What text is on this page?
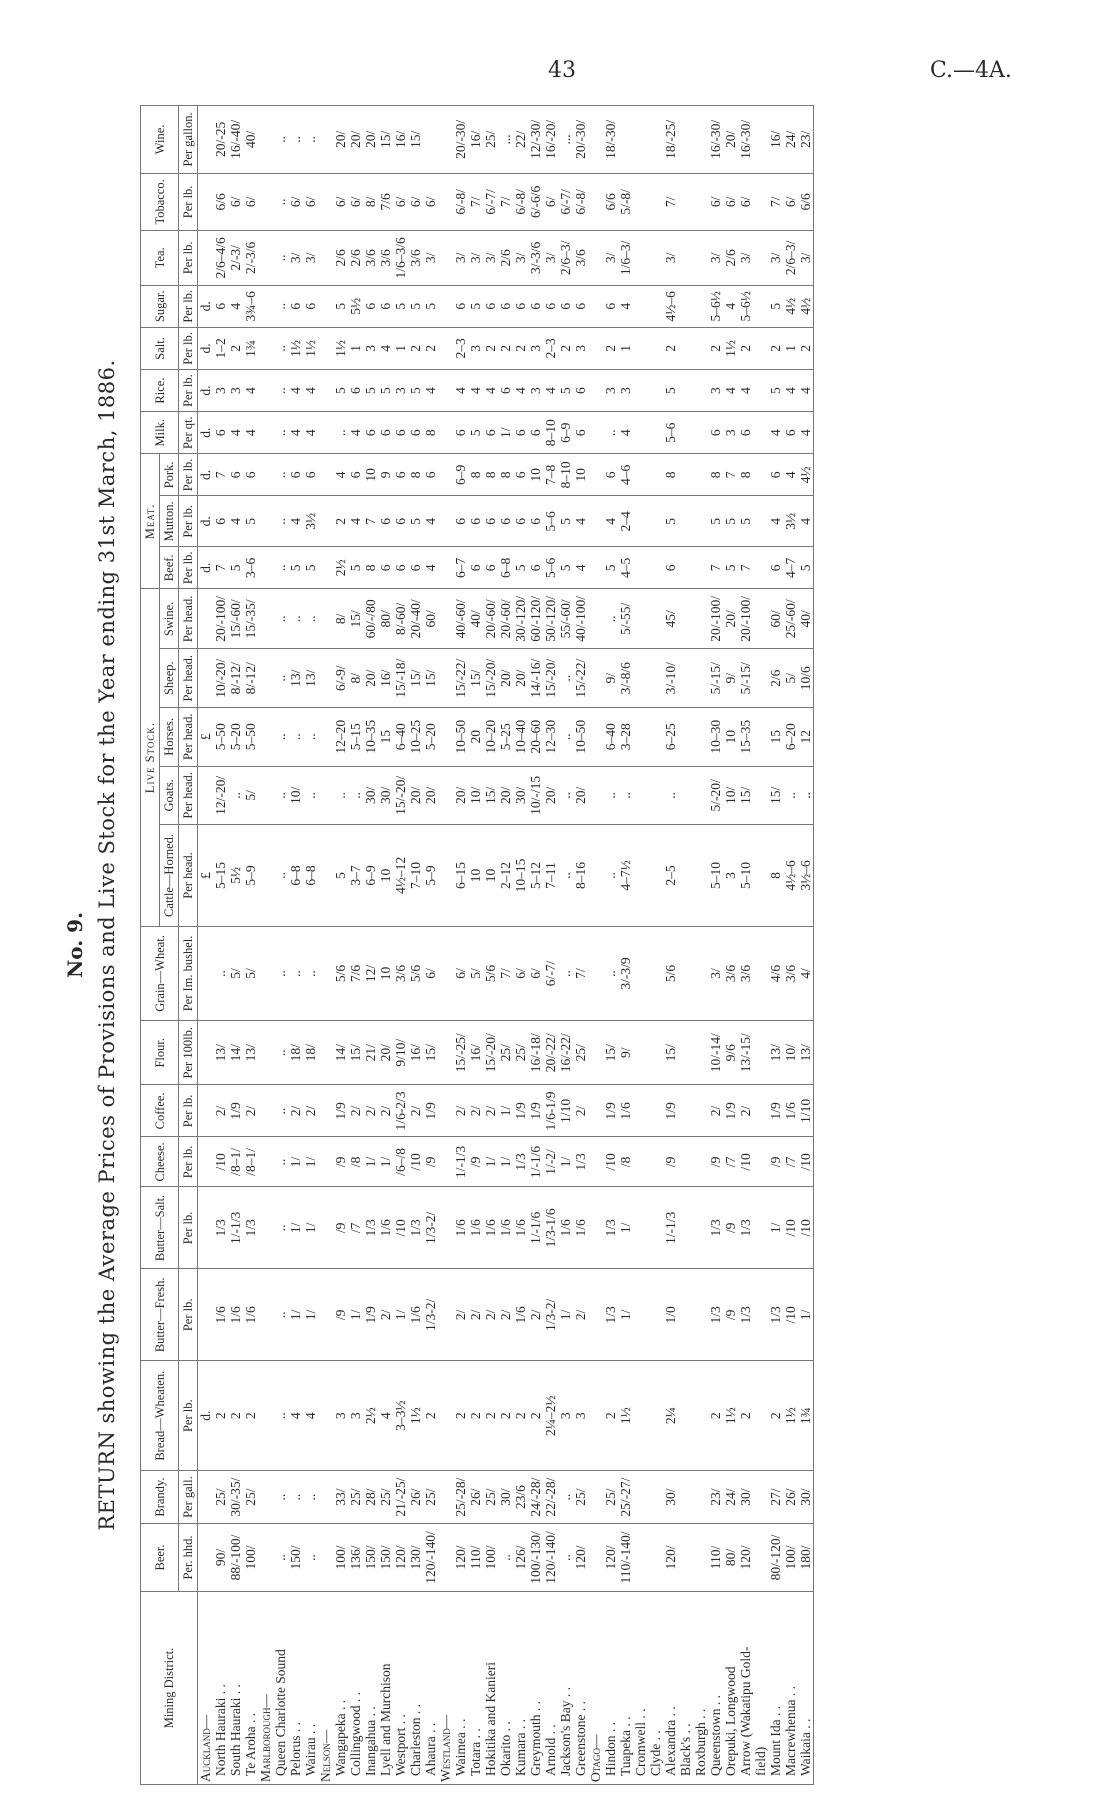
43	C.—4A.
No. 9. RETURN showing the Average Prices of Provisions and Live Stock for the Year ending 31st March, 1886.
Mining District.	Beer.	Brandy.	Bread—Wheaten.	Butter—Fresh.	Butter—Salt.	Cheese.	Coffee.	Flour.	Grain—Wheat.	Live Stock.					Meat.			Milk.	Rice.	Salt.	Sugar.	Tea.	Tobacco.	Wine.
										Cattle—Horned.	Goats.	Horses.	Sheep.	Swine.	Beef.	Mutton.	Pork.							
	Per. hhd.	Per gall.	Per lb.	Per lb.	Per lb.	Per lb.	Per lb.	Per 100lb.	Per Im. bushel.	Per head.	Per head.	Per head.	Per head.	Per head.	Per lb.	Per lb.	Per lb.	Per qt.	Per lb.	Per lb.	Per lb.	Per lb.	Per lb.	Per gallon.
Auckland—			d.							£		£			d.	d.	d.	d.	d.	d.	d.			
North Hauraki . .	90/	25/	2	1/6	1/3	/10	2/	13/	..	5–15	12/-20/	5–50	10/-20/	20/-100/	7	6	7	6	3	1–2	6	2/6–4/6	6/6	20/-25
South Hauraki . .	88/-100/	30/-35/	2	1/6	1/-1/3	/8–1/	1/9	14/	5/	5½	..	5–20	8/-12/	15/-60/	5	4	6	4	3	2	4	2/-3/	6/	16/-40/
Te Aroha . .	100/	25/	2	1/6	1/3	/8–1/	2/	13/	5/	5–9	5/	5–50	8/-12/	15/-35/	3–6	5	6	4	4	1¾	3¾–6	2/-3/6	6/	40/
Marlborough—																								
Queen Charlotte Sound	..	..	..	..	..	..	..	..	..	..	..	..	..	..	..	..	..	..	..	..	..	..	..	..
Pelorus . .	150/	..	4	1/	1/	1/	2/	18/	..	6–8	10/	..	13/	..	5	4	6	4	4	1½	6	3/	6/	..
Wairau . .	..	..	4	1/	1/	1/	2/	18/	..	6–8	..	..	13/	..	5	3½	6	4	4	1½	6	3/	6/	..
Nelson—																								
Wangapeka . .	100/	33/	3	/9	/9	/9	1/9	14/	5/6	5	..	12–20	6/-9/	8/	2½	2	4	..	5	1½	5	2/6	6/	20/
Collingwood . .	136/	25/	3	1/	/7	/8	2/	15/	7/6	3–7	..	5–15	8/	15/	5	4	6	4	6	1	5½	2/6	6/	20/
Inangahua . .	150/	28/	2½	1/9	1/3	1/	2/	21/	12/	6–9	30/	10–35	20/	60/-/80	8	7	10	6	5	3	6	3/6	8/	20/
Lyell and Murchison	150/	25/	4	2/	1/6	1/	2/	20/	10	10	30/	15	16/	80/	6	6	9	6	5	4	6	3/6	7/6	15/
Westport . .	120/	21/-25/	3–3½	1/	/10	/6–/8	1/6-2/3	9/10/	3/6	4½–12	15/-20/	6–40	15/-18/	8/-60/	6	6	6	6	3	1	5	1/6–3/6	6/	16/
Charleston . .	130/	26/	1½	1/6	1/3	/10	2/	16/	5/6	7–10	20/	10–25	15/	20/-40/	6	5	8	6	5	2	5	3/6	6/	15/
Ahaura . .	120/-140/	25/	2	1/3-2/	1/3-2/	/9	1/9	15/	6/	5–9	20/	5–20	15/	60/	4	4	6	8	4	2	5	3/	6/	
Westland—																								
Waimea . .	120/	25/-28/	2	2/	1/6	1/-1/3	2/	15/-25/	6/	6–15	20/	10–50	15/-22/	40/-60/	6–7	6	6–9	6	4	2–3	6	3/	6/-8/	20/-30/
Totara . .	110/	26/	2	2/	1/6	/9	2/	16/	5/	10	10/	20	15/	40/	6	6	8	5	4	3	5	3/	7/	16/
Hokitika and Kanieri	100/	25/	2	2/	1/6	1/	2/	15/-20/	5/6	10	15/	10–20	15/-20/	20/-60/	6	6	8	6	4	2	6	3/	6/-7/	25/
Okarito . .	..	30/	2	2/	1/6	1/	1/	25/	7/	2–12	20/	5–25	20/	20/-60/	6–8	6	8	1/	6	2	6	2/6	7/	...
Kumara . .	126/	23/6	2	1/6	1/6	1/3	1/9	25/	6/	10–15	30/	10–40	20/	30/-120/	5	6	6	6	4	2	6	3/	6/-8/	22/
Greymouth . .	100/-130/	24/-28/	2	2/	1/-1/6	1/-1/6	1/9	16/-18/	6/	5–12	10/-/15	20–60	14/-16/	60/-120/	6	6	10	6	3	3	6	3/-3/6	6/-6/6	12/-30/
Arnold . .	120/-140/	22/-28/	2¼–2½	1/3-2/	1/3-1/6	1/-2/	1/6-1/9	20/-22/	6/-7/	7–11	20/	12–30	15/-20/	50/-120/	5–6	5–6	7–8	8–10	4	2–3	6	3/	6/	16/-20/
Jackson's Bay . .	..	..	3	1/	1/6	1/	1/10	16/-22/	..	..	..	..	..	55/-60/	5	5	8–10	6–9	5	2	6	2/6–3/	6/-7/	...
Greenstone . .	120/	25/	3	2/	1/6	1/3	2/	25/	7/	8–16	20/	10–50	15/-22/	40/-100/	4	4	10	6	6	3	6	3/6	6/-8/	20/-30/
Otago—																								
Hindon . .	120/	25/	2	1/3	1/3	/10	1/9	15/	..	..	..	6–40	9/	..	5	4	6	..	3	2	6	3/	6/6	18/-30/
Tuapeka . .	110/-140/	25/-27/	1½	1/	1/	/8	1/6	9/	3/-3/9	4–7½	..	3–28	3/-8/6	5/-55/	4–5	2–4	4–6	4	3	1	4	1/6–3/	5/-8/	
Cromwell . .																								
Clyde . .																								
Alexandra . .	120/	30/	2¼	1/0	1/-1/3	/9	1/9	15/	5/6	2–5	..	6–25	3/-10/	45/	6	5	8	5–6	5	2	4½–6	3/	7/	18/-25/
Black's . .																								
Roxburgh . .																								
Queenstown . .	110/	23/	2	1/3	1/3	/9	2/	10/-14/	3/	5–10	5/-20/	10–30	5/-15/	20/-100/	7	5	8	6	3	2	5–6½	3/	6/	16/-30/
Orepuki, Longwood	80/	24/	1½	/9	/9	/7	1/9	9/6	3/6	3	10/	10	9/	20/	5	5	7	3	4	1½	4	2/6	6/	20/
Arrow (Wakatipu Gold-	120/	30/	2	1/3	1/3	/10	2/	13/-15/	3/6	5–10	15/	15–35	5/-15/	20/-100/	7	5	8	6	4	2	5–6½	3/	6/	16/-30/
field)																								
Mount Ida . .	80/-120/	27/	2	1/3	1/	/9	1/9	13/	4/6	8	15/	15	2/6	60/	6	4	6	4	5	2	5	3/	7/	16/
Macrewhenua . .	100/	26/	1½	/10	/10	/7	1/6	10/	3/6	4½–6	..	6–20	5/	25/-60/	4–7	3½	4	6	4	1	4½	2/6–3/	6/	24/
Waikaia . .	180/	30/	1¾	1/	/10	/10	1/10	13/	4/	3½–6	..	12	10/6	40/	5	4	4½	4	4	2	4½	3/	6/6	23/
